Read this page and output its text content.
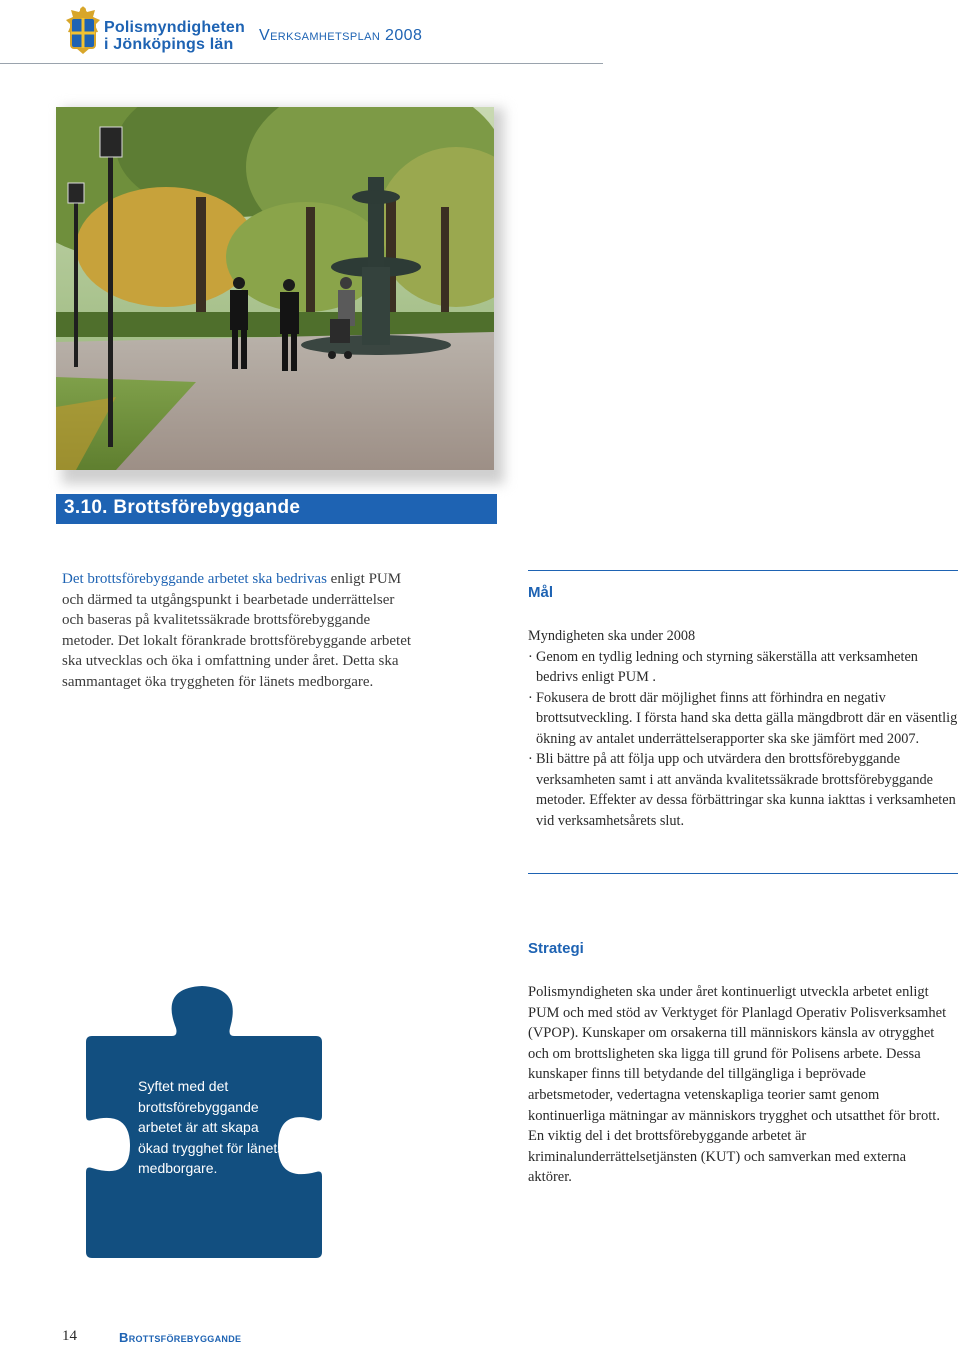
Polismyndigheten
i Jönköpings län
Verksamhetsplan 2008
3.10. Brottsförebyggande
Det brottsförebyggande arbetet ska bedrivas enligt PUM och därmed ta utgångspunkt i bearbetade underrättelser och baseras på kvalitetssäkrade brottsförebyggande metoder. Det lokalt förankrade brottsförebyggande arbetet ska utvecklas och öka i omfattning under året. Detta ska sammantaget öka tryggheten för länets medborgare.
Mål
Myndigheten ska under 2008
· Genom en tydlig ledning och styrning säkerställa att verksamheten bedrivs enligt PUM .
· Fokusera de brott där möjlighet finns att förhindra en negativ brottsutveckling. I första hand ska detta gälla mängdbrott där en väsentlig ökning av antalet underrättelserapporter ska ske jämfört med 2007.
· Bli bättre på att följa upp och utvärdera den brottsförebyggande verksamheten samt i att använda kvalitetssäkrade brottsförebyggande metoder. Effekter av dessa förbättringar ska kunna iakttas i verksamheten vid verksamhetsårets slut.
Strategi
Polismyndigheten ska under året kontinuerligt utveckla arbetet enligt PUM och med stöd av Verktyget för Planlagd Operativ Polisverksamhet (VPOP). Kunskaper om orsakerna till människors känsla av otrygghet och om brottsligheten ska ligga till grund för Polisens arbete. Dessa kunskaper finns till betydande del tillgängliga i beprövade arbetsmetoder, vedertagna vetenskapliga teorier samt genom kontinuerliga mätningar av människors trygghet och utsatthet för brott. En viktig del i det brottsförebyggande arbetet är kriminalunderrättelsetjänsten (KUT) och samverkan med externa aktörer.
Syftet med det brottsförebyggande arbetet är att skapa ökad trygghet för länets medborgare.
14	Brottsförebyggande
